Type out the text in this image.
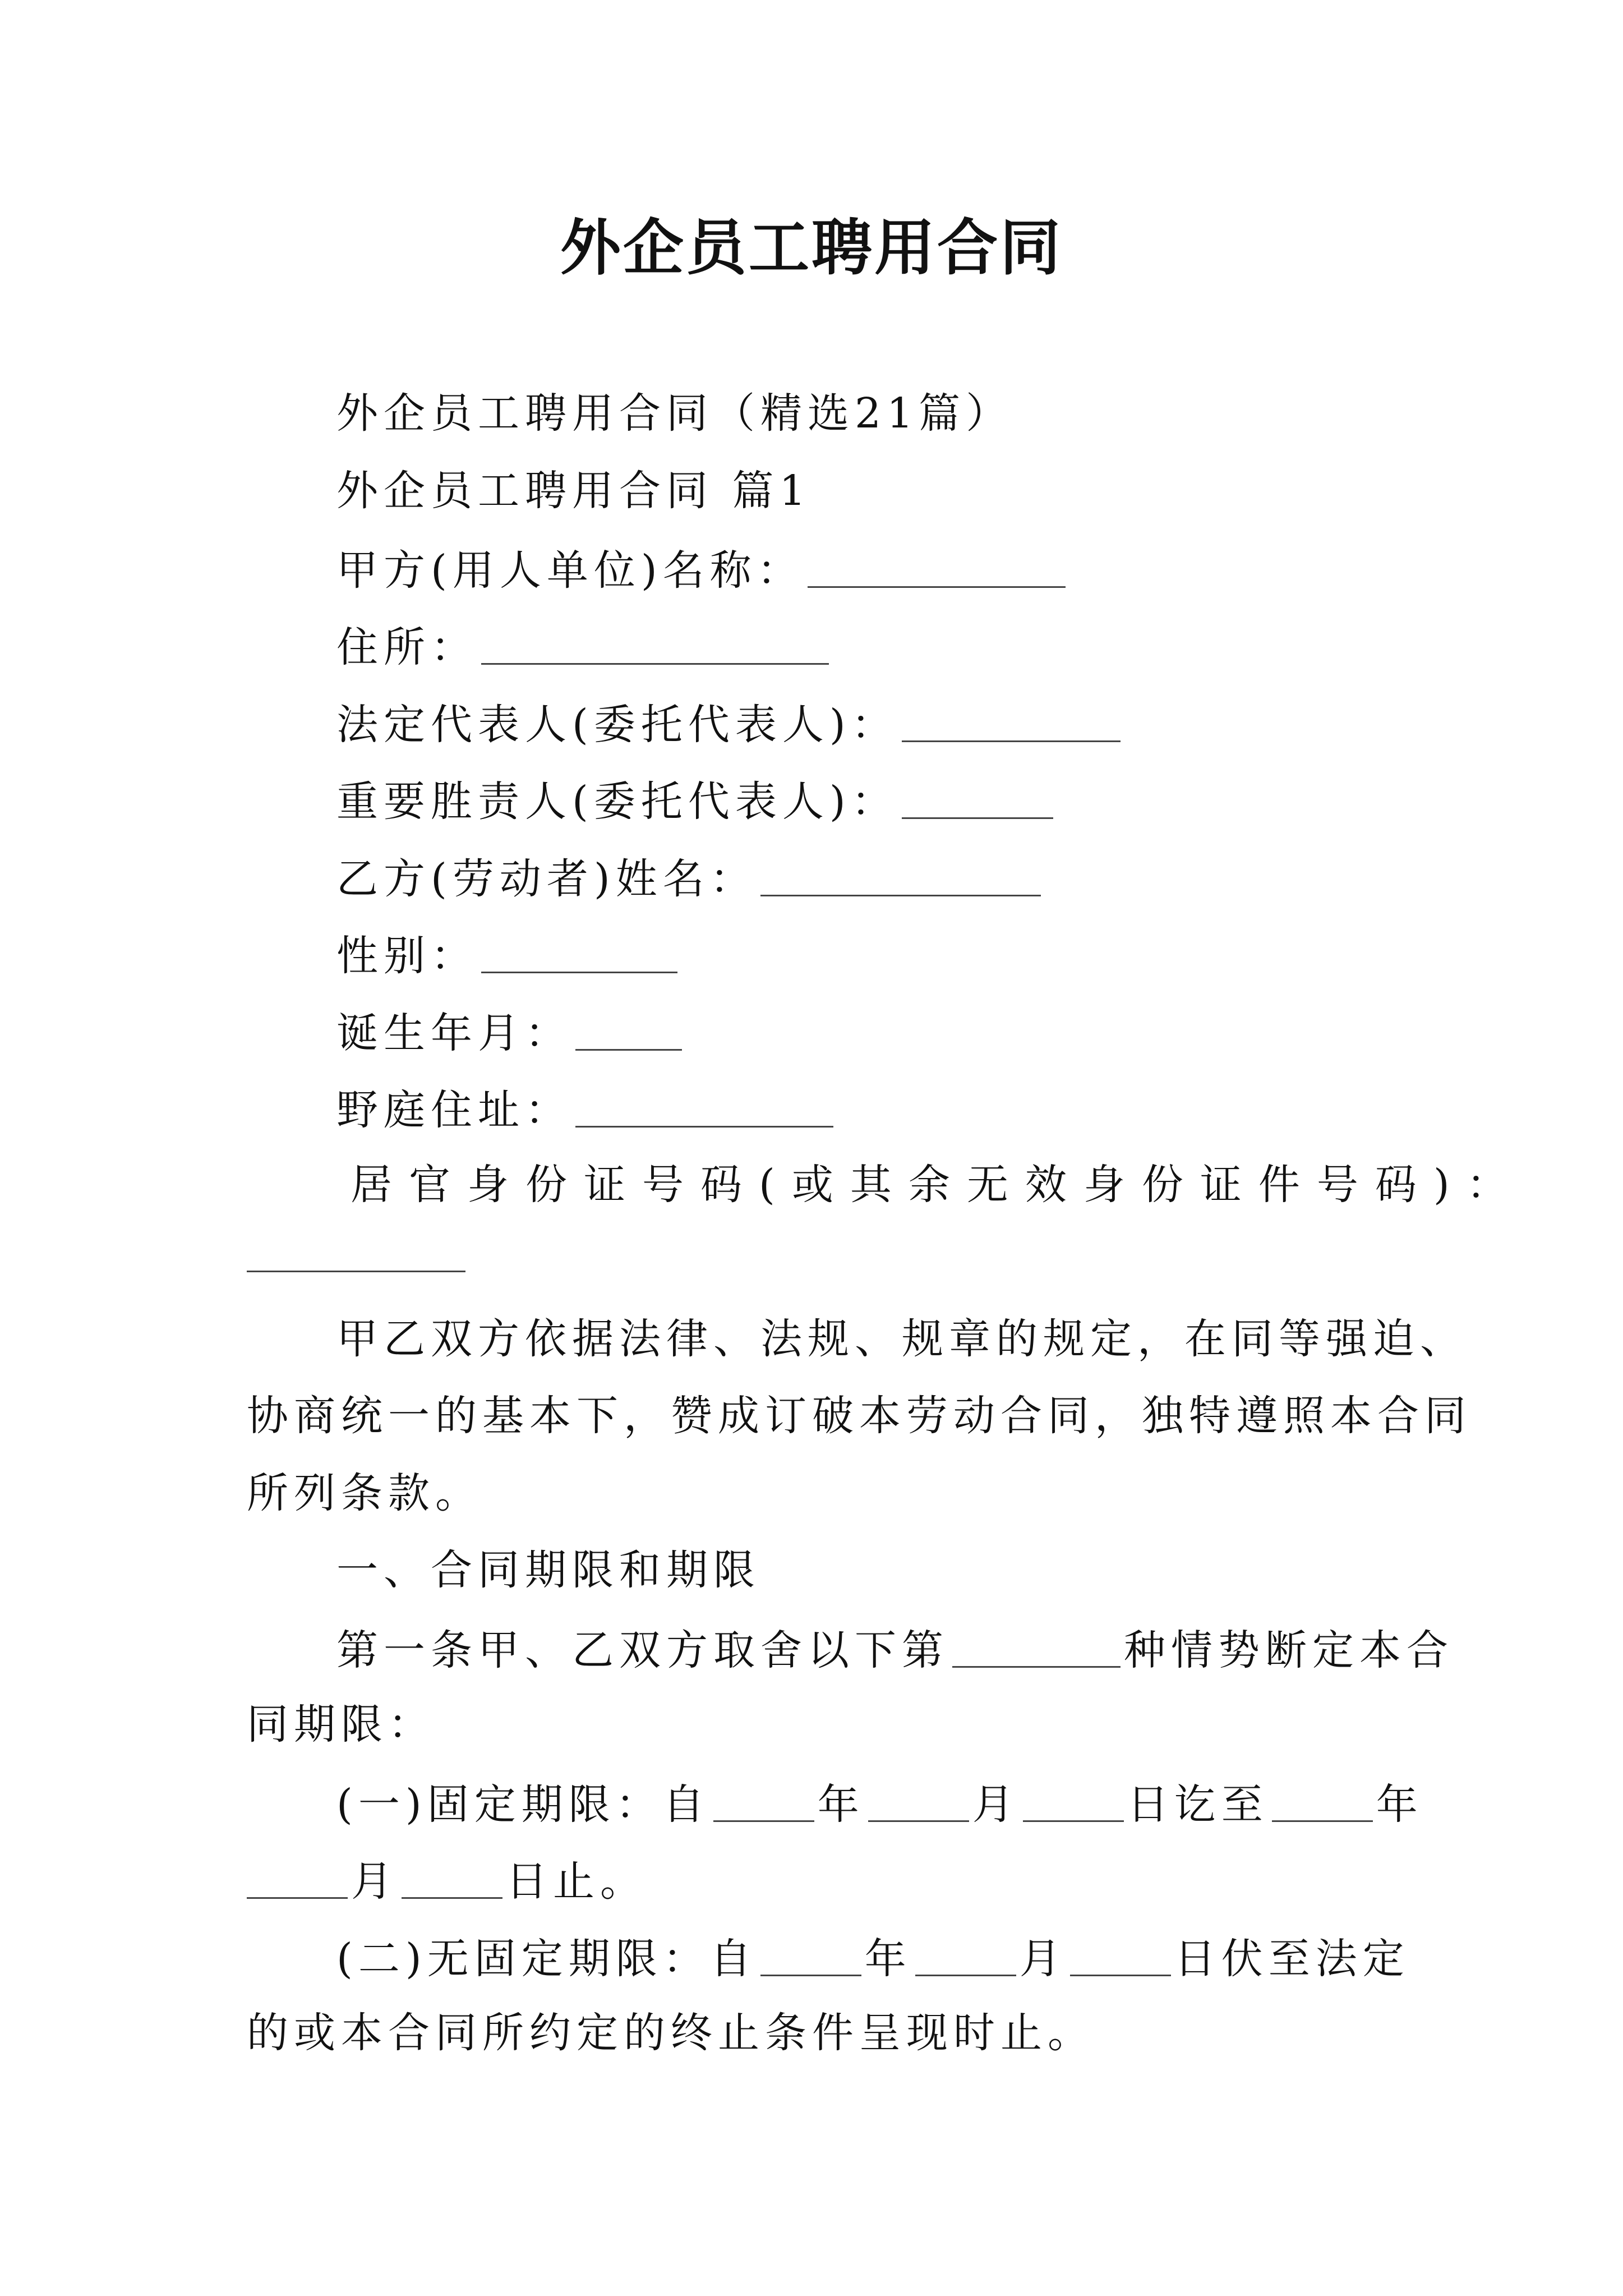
外企员工聘用合同
外企员工聘用合同（精选21篇）
外企员工聘用合同 篇1
甲方(用人单位)名称：
住所：
法定代表人(委托代表人)：
重要胜责人(委托代表人)：
乙方(劳动者)姓名：
性别：
诞生年月：
野庭住址：
居官身份证号码(或其余无效身份证件号码)：
甲乙双方依据法律、法规、规章的规定，在同等强迫、
协商统一的基本下，赞成订破本劳动合同，独特遵照本合同
所列条款。
一、合同期限和期限
第一条甲、乙双方取舍以下第	种情势断定本合
同期限：
(一)固定期限：自	年	月	日讫至	年
月	日止。
(二)无固定期限：自	年	月	日伏至法定
的或本合同所约定的终止条件呈现时止。
